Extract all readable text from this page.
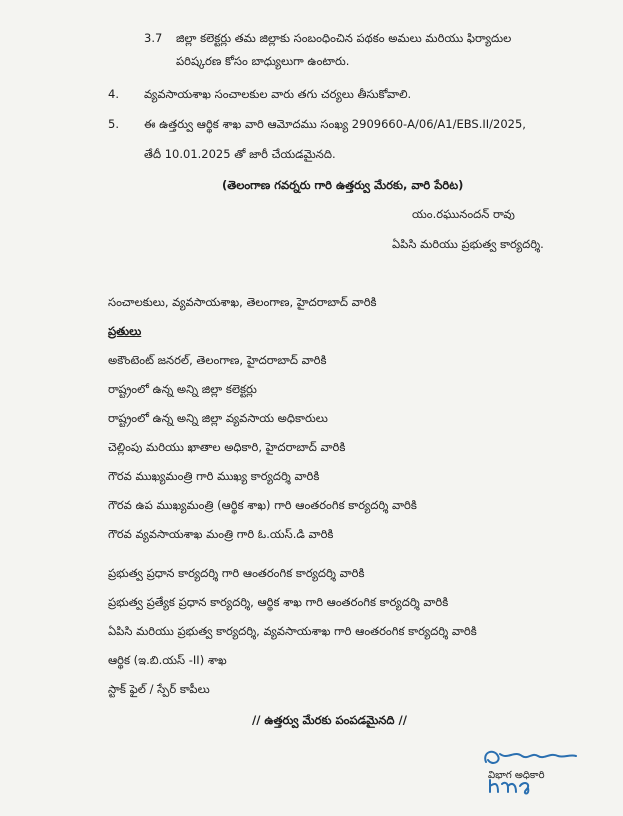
3.7 జిల్లా కలెక్టర్లు తమ జిల్లాకు సంబంధించిన పథకం అమలు మరియు ఫిర్యాదుల
పరిష్కరణ కోసం బాధ్యులుగా ఉంటారు.
4. వ్యవసాయశాఖ సంచాలకుల వారు తగు చర్యలు తీసుకోవాలి.
5. ఈ ఉత్తర్వు ఆర్థిక శాఖ వారి ఆమోదము సంఖ్య 2909660-A/06/A1/EBS.II/2025,
తేదీ 10.01.2025 తో జారీ చేయడమైనది.
(తెలంగాణ గవర్నరు గారి ఉత్తర్వు మేరకు, వారి పేరిట)
యం.రఘునందన్ రావు
ఏపిసి మరియు ప్రభుత్వ కార్యదర్శి.
సంచాలకులు, వ్యవసాయశాఖ, తెలంగాణ, హైదరాబాద్ వారికి
ప్రతులు
అకౌంటెంట్ జనరల్, తెలంగాణ, హైదరాబాద్ వారికి
రాష్ట్రంలో ఉన్న అన్ని జిల్లా కలెక్టర్లు
రాష్ట్రంలో ఉన్న అన్ని జిల్లా వ్యవసాయ అధికారులు
చెల్లింపు మరియు ఖాతాల అధికారి, హైదరాబాద్ వారికి
గౌరవ ముఖ్యమంత్రి గారి ముఖ్య కార్యదర్శి వారికి
గౌరవ ఉప ముఖ్యమంత్రి (ఆర్థిక శాఖ) గారి ఆంతరంగిక కార్యదర్శి వారికి
గౌరవ వ్యవసాయశాఖ మంత్రి గారి ఓ.యస్.డి వారికి
ప్రభుత్వ ప్రధాన కార్యదర్శి గారి ఆంతరంగిక కార్యదర్శి వారికి
ప్రభుత్వ ప్రత్యేక ప్రధాన కార్యదర్శి, ఆర్థిక శాఖ గారి ఆంతరంగిక కార్యదర్శి వారికి
ఏపిసి మరియు ప్రభుత్వ కార్యదర్శి, వ్యవసాయశాఖ గారి ఆంతరంగిక కార్యదర్శి వారికి
ఆర్థిక (ఇ.బి.యస్ -II) శాఖ
స్టాక్ ఫైల్ / స్పేర్ కాపీలు
// ఉత్తర్వు మేరకు పంపడమైనది //
విభాగ అధికారి
